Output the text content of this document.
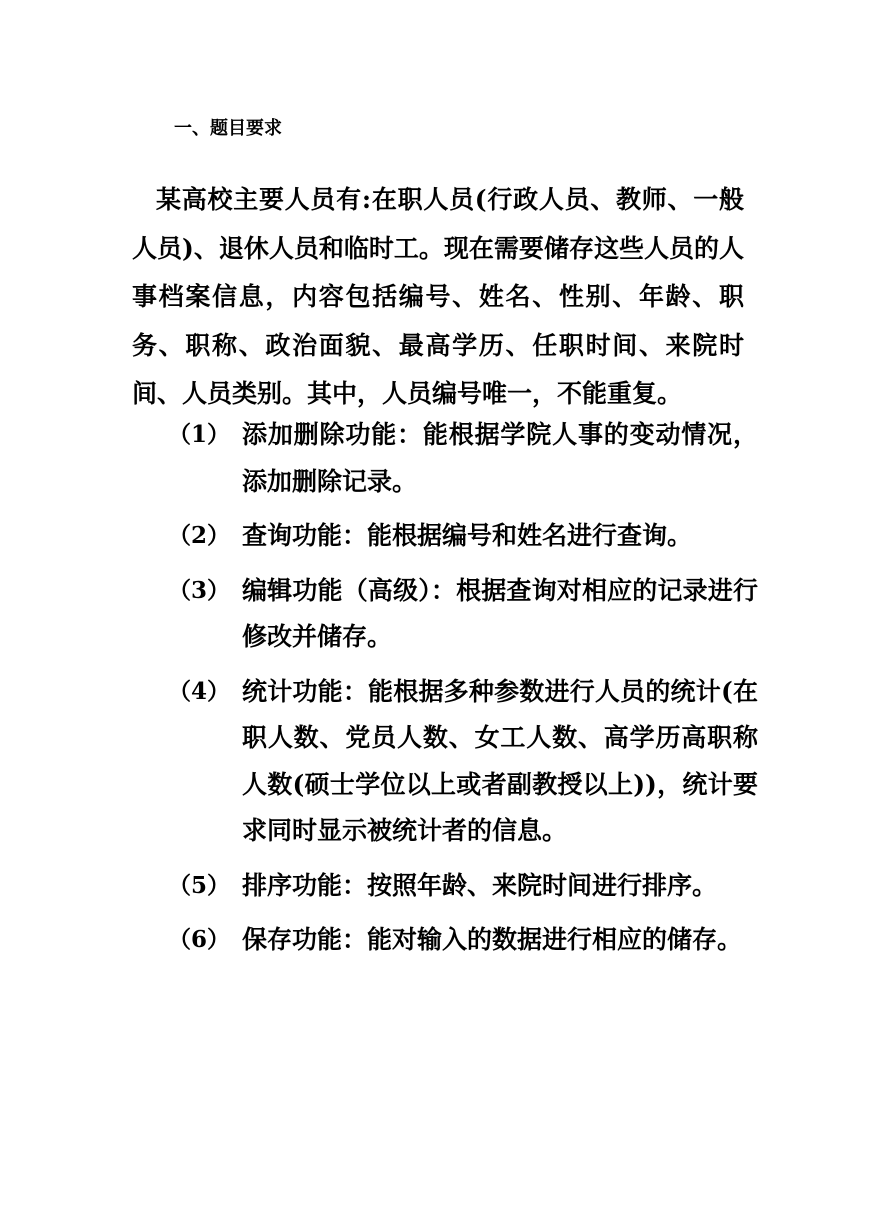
一、题目要求

某高校主要人员有:在职人员(行政人员、教师、一般人员)、退休人员和临时工。现在需要储存这些人员的人事档案信息，内容包括编号、姓名、性别、年龄、职务、职称、政治面貌、最高学历、任职时间、来院时间、人员类别。其中，人员编号唯一，不能重复。

（1） 添加删除功能：能根据学院人事的变动情况，添加删除记录。
（2） 查询功能：能根据编号和姓名进行查询。
（3） 编辑功能（高级）：根据查询对相应的记录进行修改并储存。
（4） 统计功能：能根据多种参数进行人员的统计(在职人数、党员人数、女工人数、高学历高职称人数(硕士学位以上或者副教授以上))，统计要求同时显示被统计者的信息。
（5） 排序功能：按照年龄、来院时间进行排序。
（6） 保存功能：能对输入的数据进行相应的储存。
